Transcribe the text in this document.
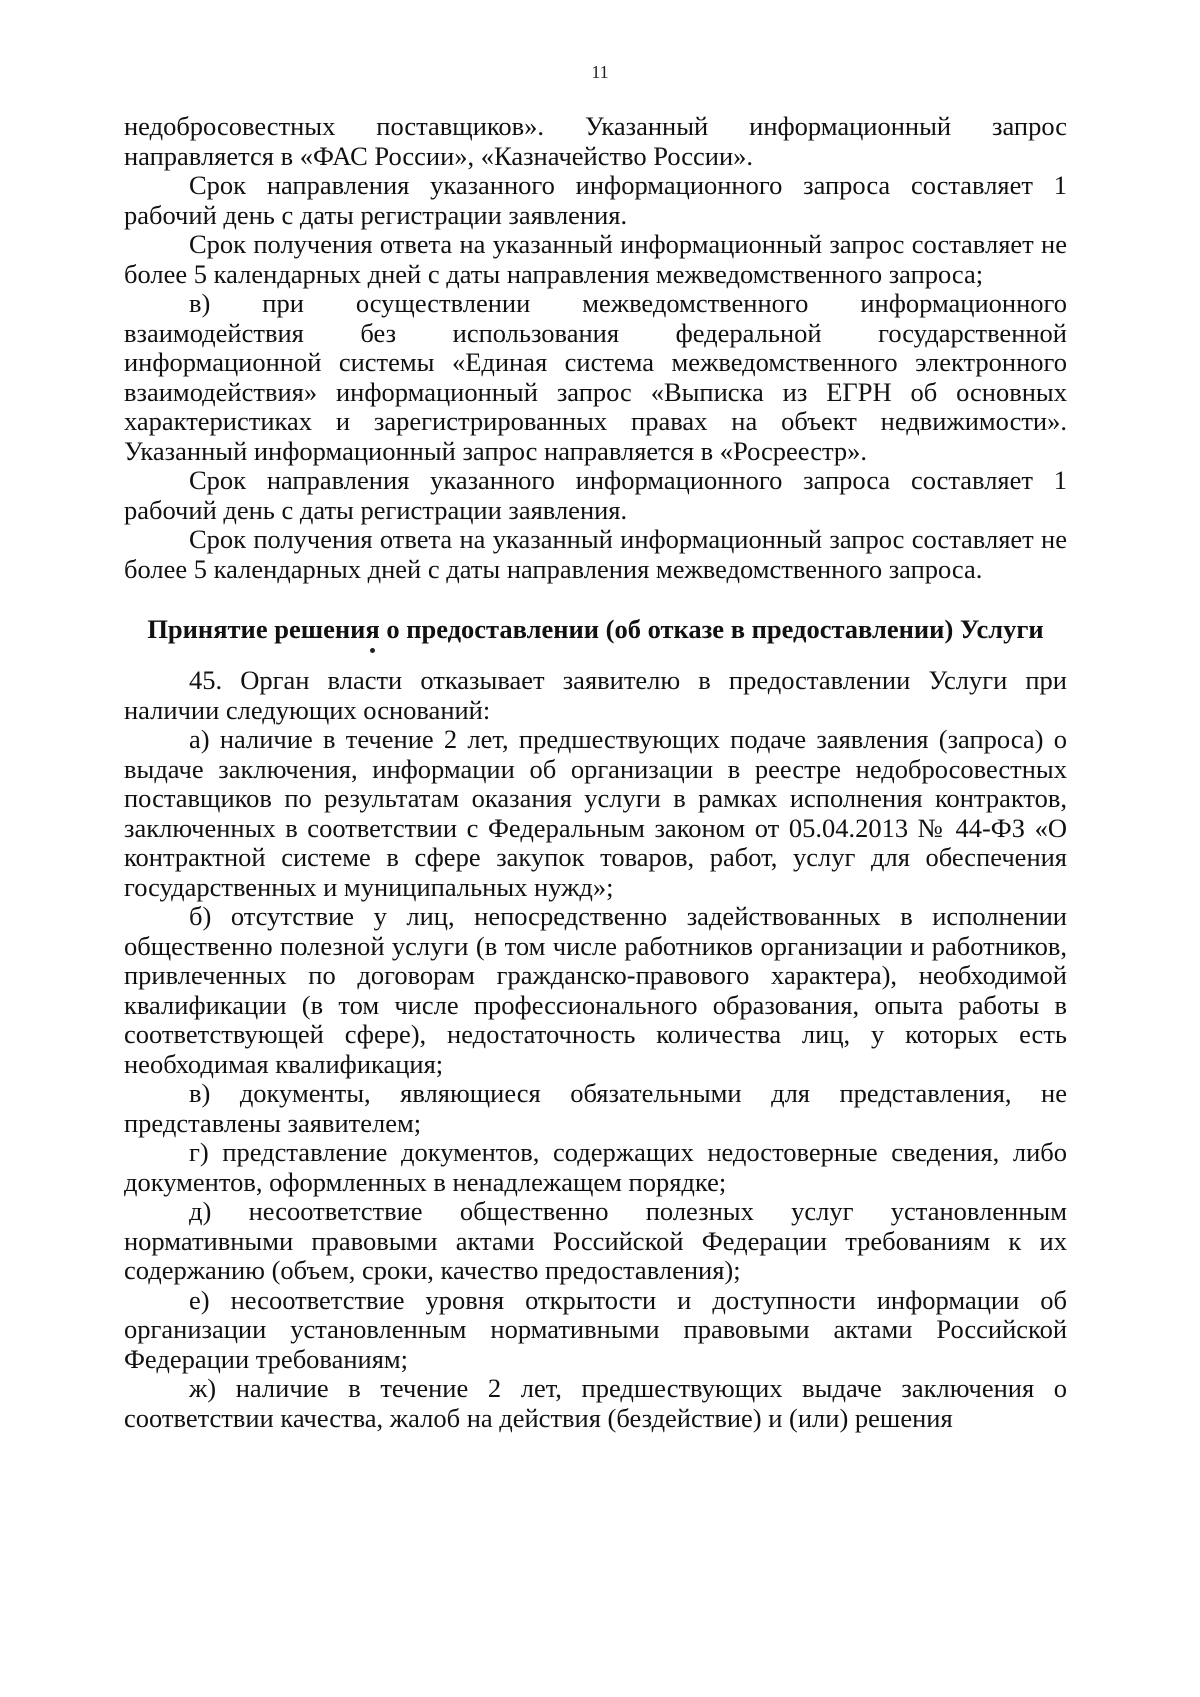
11

недобросовестных поставщиков». Указанный информационный запрос направляется в «ФАС России», «Казначейство России».

Срок направления указанного информационного запроса составляет 1 рабочий день с даты регистрации заявления.

Срок получения ответа на указанный информационный запрос составляет не более 5 календарных дней с даты направления межведомственного запроса;

в) при осуществлении межведомственного информационного взаимодействия без использования федеральной государственной информационной системы «Единая система межведомственного электронного взаимодействия» информационный запрос «Выписка из ЕГРН об основных характеристиках и зарегистрированных правах на объект недвижимости». Указанный информационный запрос направляется в «Росреестр».

Срок направления указанного информационного запроса составляет 1 рабочий день с даты регистрации заявления.

Срок получения ответа на указанный информационный запрос составляет не более 5 календарных дней с даты направления межведомственного запроса.

Принятие решения о предоставлении (об отказе в предоставлении) Услуги

45. Орган власти отказывает заявителю в предоставлении Услуги при наличии следующих оснований:

а) наличие в течение 2 лет, предшествующих подаче заявления (запроса) о выдаче заключения, информации об организации в реестре недобросовестных поставщиков по результатам оказания услуги в рамках исполнения контрактов, заключенных в соответствии с Федеральным законом от 05.04.2013 № 44-ФЗ «О контрактной системе в сфере закупок товаров, работ, услуг для обеспечения государственных и муниципальных нужд»;

б) отсутствие у лиц, непосредственно задействованных в исполнении общественно полезной услуги (в том числе работников организации и работников, привлеченных по договорам гражданско-правового характера), необходимой квалификации (в том числе профессионального образования, опыта работы в соответствующей сфере), недостаточность количества лиц, у которых есть необходимая квалификация;

в) документы, являющиеся обязательными для представления, не представлены заявителем;

г) представление документов, содержащих недостоверные сведения, либо документов, оформленных в ненадлежащем порядке;

д) несоответствие общественно полезных услуг установленным нормативными правовыми актами Российской Федерации требованиям к их содержанию (объем, сроки, качество предоставления);

е) несоответствие уровня открытости и доступности информации об организации установленным нормативными правовыми актами Российской Федерации требованиям;

ж) наличие в течение 2 лет, предшествующих выдаче заключения о соответствии качества, жалоб на действия (бездействие) и (или) решения
